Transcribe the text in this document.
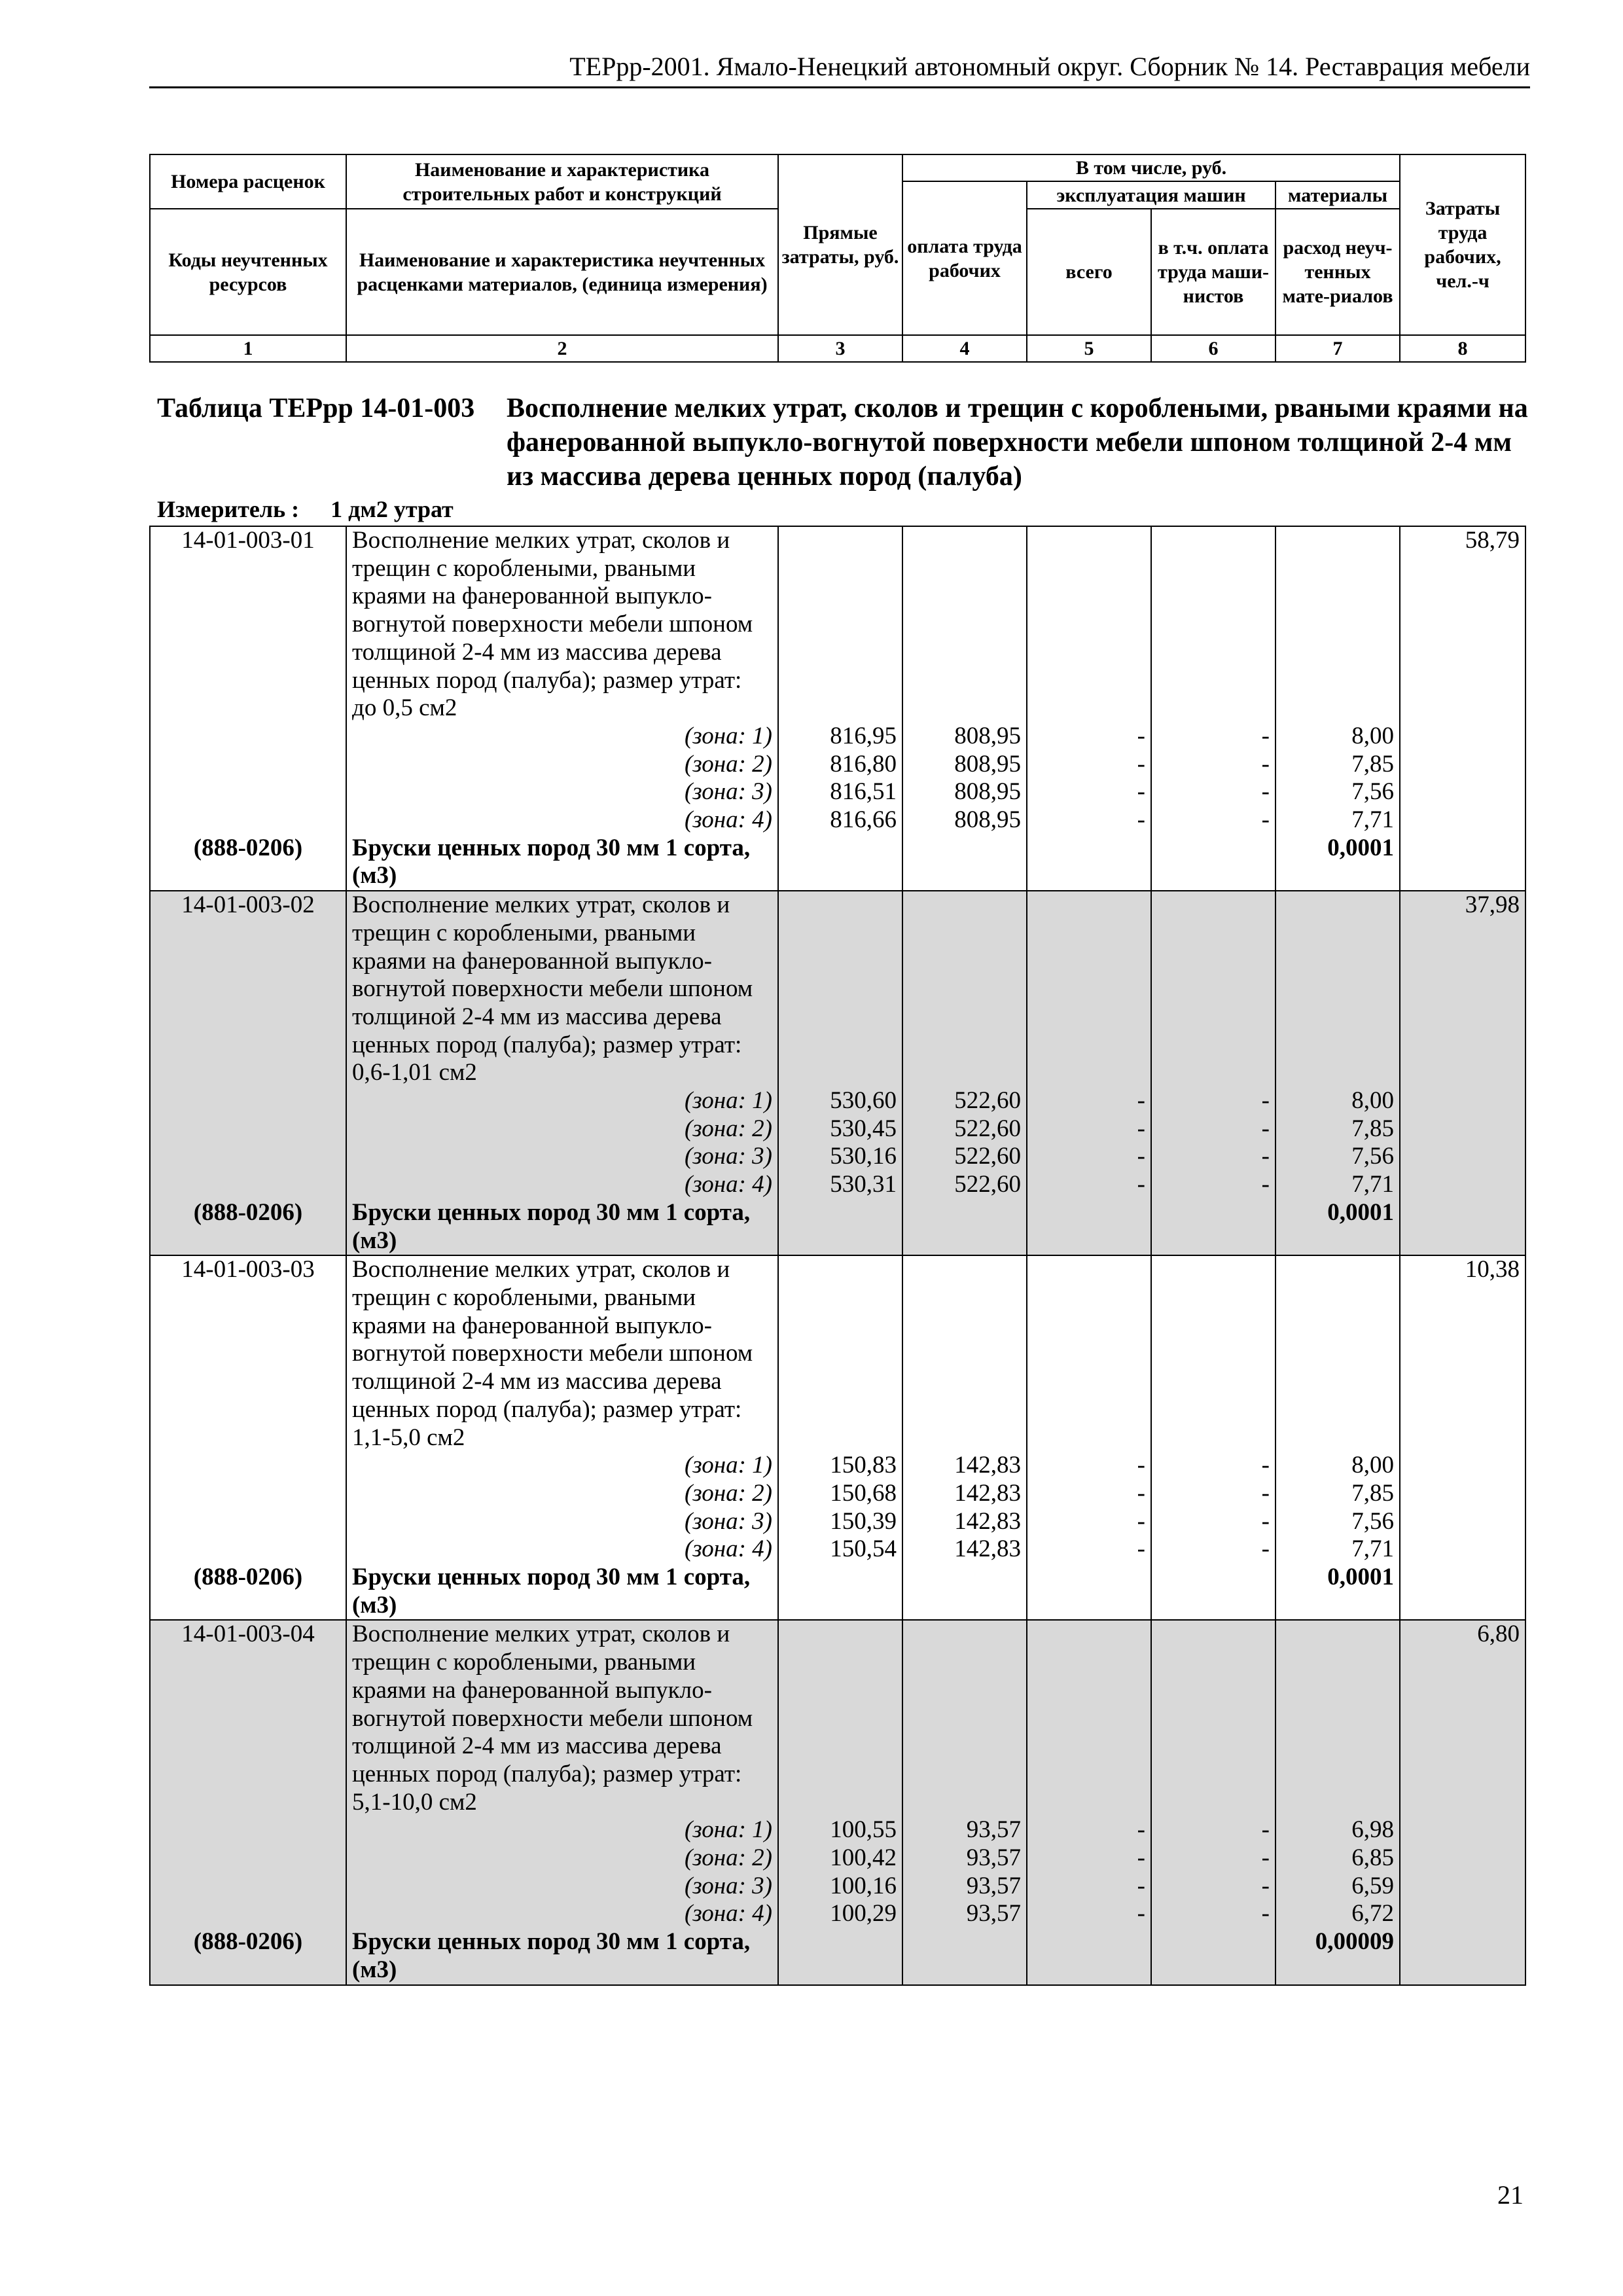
ТЕРрр-2001. Ямало-Ненецкий автономный округ. Сборник № 14. Реставрация мебели
Номера расценок	Наименование и характеристика строительных работ и конструкций	Прямые затраты, руб.	В том числе, руб.				Затраты труда рабочих, чел.-ч
			оплата труда рабочих	эксплуатация машин		материалы	
Коды неучтенных ресурсов	Наименование и характеристика неучтенных расценками материалов, (единица измерения)			всего	в т.ч. оплата труда маши-нистов	расход неуч-тенных мате-риалов	
1	2	3	4	5	6	7	8
Таблица ТЕРрр 14-01-003	Восполнение мелких утрат, сколов и трещин с короблеными, рваными краями на фанерованной выпукло-вогнутой поверхности мебели шпоном толщиной 2-4 мм из массива дерева ценных пород (палуба)
Измеритель : 1 дм2 утрат
14-01-003-01	Восполнение мелких утрат, сколов и						58,79
	трещин с короблеными, рваными						
	краями на фанерованной выпукло-						
	вогнутой поверхности мебели шпоном						
	толщиной 2-4 мм из массива дерева						
	ценных пород (палуба); размер утрат:						
	до 0,5 см2						
	(зона: 1)	816,95	808,95	-	-	8,00	
	(зона: 2)	816,80	808,95	-	-	7,85	
	(зона: 3)	816,51	808,95	-	-	7,56	
	(зона: 4)	816,66	808,95	-	-	7,71	
(888-0206)	Бруски ценных пород 30 мм 1 сорта,					0,0001	
	(м3)						
14-01-003-02	Восполнение мелких утрат, сколов и						37,98
	трещин с короблеными, рваными						
	краями на фанерованной выпукло-						
	вогнутой поверхности мебели шпоном						
	толщиной 2-4 мм из массива дерева						
	ценных пород (палуба); размер утрат:						
	0,6-1,01 см2						
	(зона: 1)	530,60	522,60	-	-	8,00	
	(зона: 2)	530,45	522,60	-	-	7,85	
	(зона: 3)	530,16	522,60	-	-	7,56	
	(зона: 4)	530,31	522,60	-	-	7,71	
(888-0206)	Бруски ценных пород 30 мм 1 сорта,					0,0001	
	(м3)						
14-01-003-03	Восполнение мелких утрат, сколов и						10,38
	трещин с короблеными, рваными						
	краями на фанерованной выпукло-						
	вогнутой поверхности мебели шпоном						
	толщиной 2-4 мм из массива дерева						
	ценных пород (палуба); размер утрат:						
	1,1-5,0 см2						
	(зона: 1)	150,83	142,83	-	-	8,00	
	(зона: 2)	150,68	142,83	-	-	7,85	
	(зона: 3)	150,39	142,83	-	-	7,56	
	(зона: 4)	150,54	142,83	-	-	7,71	
(888-0206)	Бруски ценных пород 30 мм 1 сорта,					0,0001	
	(м3)						
14-01-003-04	Восполнение мелких утрат, сколов и						6,80
	трещин с короблеными, рваными						
	краями на фанерованной выпукло-						
	вогнутой поверхности мебели шпоном						
	толщиной 2-4 мм из массива дерева						
	ценных пород (палуба); размер утрат:						
	5,1-10,0 см2						
	(зона: 1)	100,55	93,57	-	-	6,98	
	(зона: 2)	100,42	93,57	-	-	6,85	
	(зона: 3)	100,16	93,57	-	-	6,59	
	(зона: 4)	100,29	93,57	-	-	6,72	
(888-0206)	Бруски ценных пород 30 мм 1 сорта,					0,00009	
	(м3)						
21
